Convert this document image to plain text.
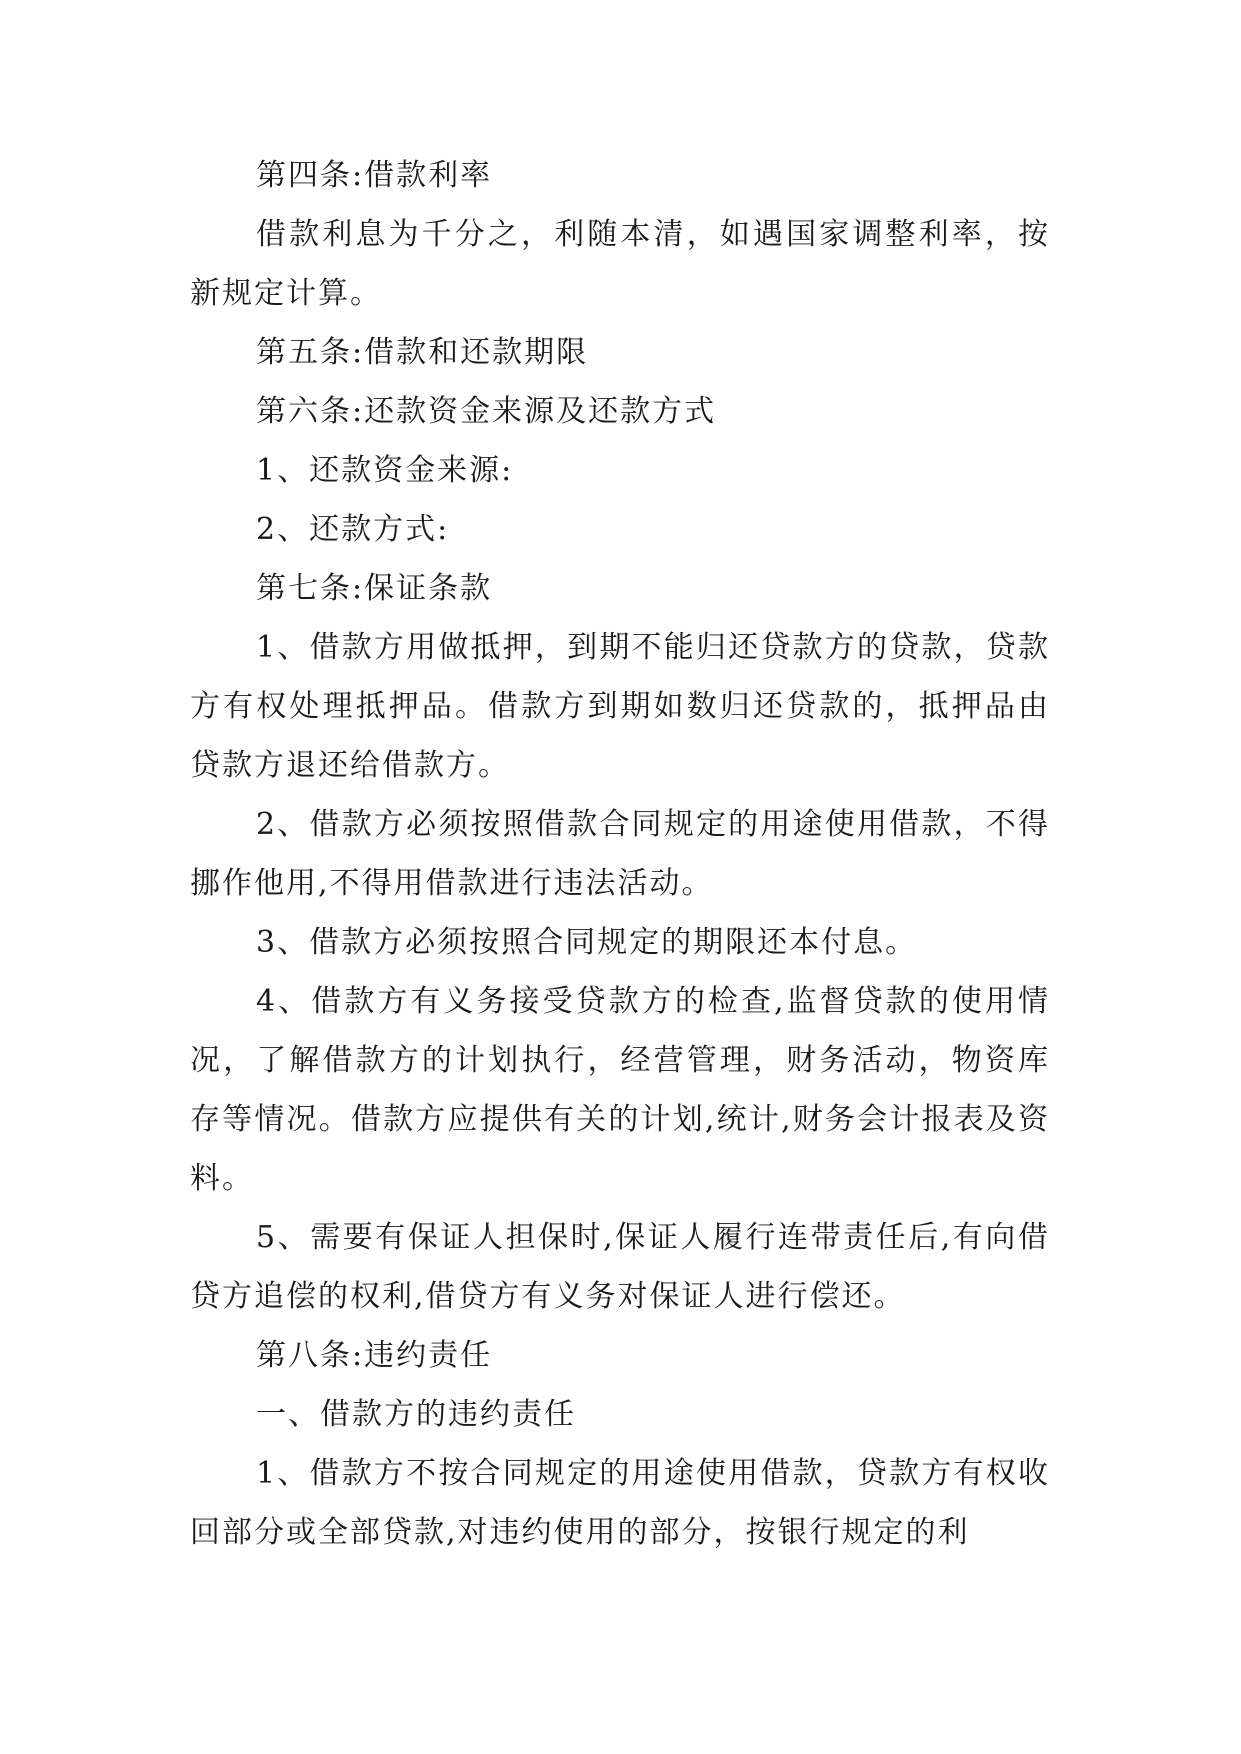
第四条:借款利率

借款利息为千分之，利随本清，如遇国家调整利率，按新规定计算。

第五条:借款和还款期限

第六条:还款资金来源及还款方式

1、还款资金来源:

2、还款方式:

第七条:保证条款

1、借款方用做抵押，到期不能归还贷款方的贷款，贷款方有权处理抵押品。借款方到期如数归还贷款的，抵押品由贷款方退还给借款方。

2、借款方必须按照借款合同规定的用途使用借款，不得挪作他用,不得用借款进行违法活动。

3、借款方必须按照合同规定的期限还本付息。

4、借款方有义务接受贷款方的检查,监督贷款的使用情况，了解借款方的计划执行，经营管理，财务活动，物资库存等情况。借款方应提供有关的计划,统计,财务会计报表及资料。

5、需要有保证人担保时,保证人履行连带责任后,有向借贷方追偿的权利,借贷方有义务对保证人进行偿还。

第八条:违约责任

一、借款方的违约责任

1、借款方不按合同规定的用途使用借款，贷款方有权收回部分或全部贷款,对违约使用的部分，按银行规定的利
